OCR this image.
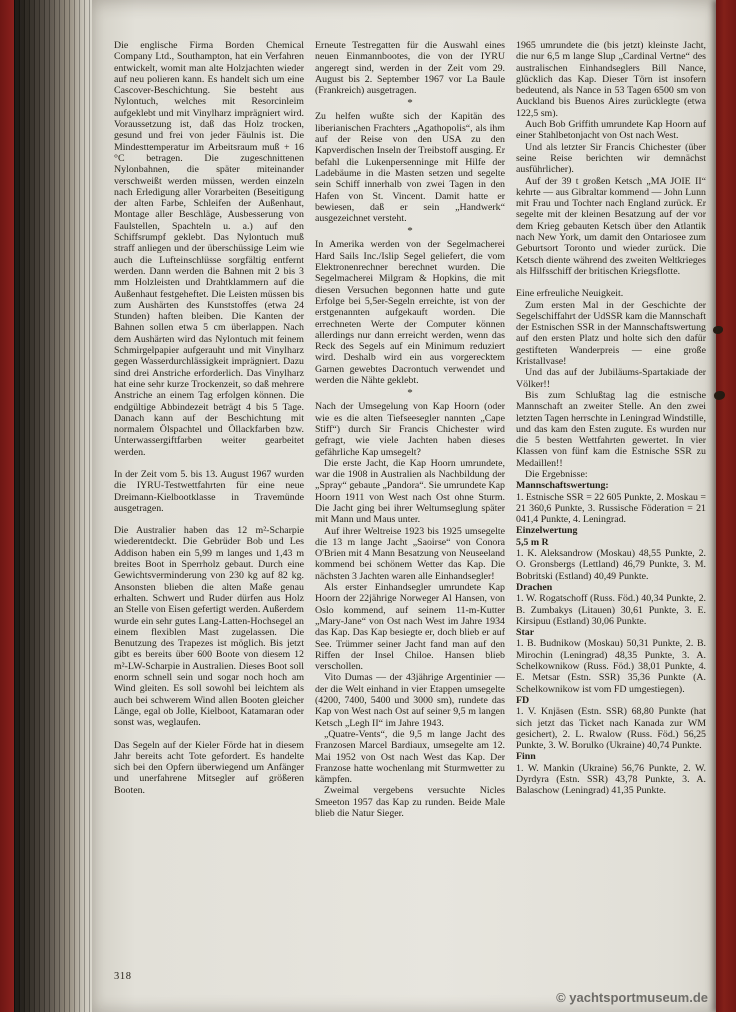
Die englische Firma Borden Chemical Company Ltd., Southampton, hat ein Verfahren entwickelt, womit man alte Holzjachten wieder auf neu polieren kann. Es handelt sich um eine Cascover-Beschichtung. Sie besteht aus Nylontuch, welches mit Resorcinleim aufgeklebt und mit Vinylharz imprägniert wird. Voraussetzung ist, daß das Holz trocken, gesund und frei von jeder Fäulnis ist. Die Mindesttemperatur im Arbeitsraum muß + 16 °C betragen. Die zugeschnittenen Nylonbahnen, die später miteinander verschweißt werden müssen, werden einzeln nach Erledigung aller Vorarbeiten (Beseitigung der alten Farbe, Schleifen der Außenhaut, Montage aller Beschläge, Ausbesserung von Faulstellen, Spachteln u. a.) auf den Schiffsrumpf geklebt. Das Nylontuch muß straff anliegen und der überschüssige Leim wie auch die Lufteinschlüsse sorgfältig entfernt werden. Dann werden die Bahnen mit 2 bis 3 mm Holzleisten und Drahtklammern auf die Außenhaut festgeheftet. Die Leisten müssen bis zum Aushärten des Kunststoffes (etwa 24 Stunden) haften bleiben. Die Kanten der Bahnen sollen etwa 5 cm überlappen. Nach dem Aushärten wird das Nylontuch mit feinem Schmirgelpapier aufgerauht und mit Vinylharz gegen Wasserdurchlässigkeit imprägniert. Dazu sind drei Anstriche erforderlich. Das Vinylharz hat eine sehr kurze Trockenzeit, so daß mehrere Anstriche an einem Tag erfolgen können. Die endgültige Abbindezeit beträgt 4 bis 5 Tage. Danach kann auf der Beschichtung mit normalem Ölspachtel und Öllackfarben bzw. Unterwassergiftfarben weiter gearbeitet werden.

In der Zeit vom 5. bis 13. August 1967 wurden die IYRU-Testwettfahrten für eine neue Dreimann-Kielbootklasse in Travemünde ausgetragen.

Die Australier haben das 12 m²-Scharpie wiederentdeckt. Die Gebrüder Bob und Les Addison haben ein 5,99 m langes und 1,43 m breites Boot in Sperrholz gebaut. Durch eine Gewichtsverminderung von 230 kg auf 82 kg. Ansonsten blieben die alten Maße genau erhalten. Schwert und Ruder dürfen aus Holz an Stelle von Eisen gefertigt werden. Außerdem wurde ein sehr gutes Lang-Latten-Hochsegel an einem flexiblen Mast zugelassen. Die Benutzung des Trapezes ist möglich. Bis jetzt gibt es bereits über 600 Boote von diesem 12 m²-LW-Scharpie in Australien. Dieses Boot soll enorm schnell sein und sogar noch hoch am Wind gleiten. Es soll sowohl bei leichtem als auch bei schwerem Wind allen Booten gleicher Länge, egal ob Jolle, Kielboot, Katamaran oder sonst was, weglaufen.

Das Segeln auf der Kieler Förde hat in diesem Jahr bereits acht Tote gefordert. Es handelte sich bei den Opfern überwiegend um Anfänger und unerfahrene Mitsegler auf größeren Booten.

Erneute Testregatten für die Auswahl eines neuen Einmannbootes, die von der IYRU angeregt sind, werden in der Zeit vom 29. August bis 2. September 1967 vor La Baule (Frankreich) ausgetragen.

*

Zu helfen wußte sich der Kapitän des liberianischen Frachters „Agathopolis“, als ihm auf der Reise von den USA zu den Kapverdischen Inseln der Treibstoff ausging. Er befahl die Lukenpersenninge mit Hilfe der Ladebäume in die Masten setzen und segelte sein Schiff innerhalb von zwei Tagen in den Hafen von St. Vincent. Damit hatte er bewiesen, daß er sein „Handwerk“ ausgezeichnet versteht.

*

In Amerika werden von der Segelmacherei Hard Sails Inc./Islip Segel geliefert, die vom Elektronenrechner berechnet wurden. Die Segelmacherei Milgram & Hopkins, die mit diesen Versuchen begonnen hatte und gute Erfolge bei 5,5er-Segeln erreichte, ist von der erstgenannten aufgekauft worden. Die errechneten Werte der Computer können allerdings nur dann erreicht werden, wenn das Reck des Segels auf ein Minimum reduziert wird. Deshalb wird ein aus vorgerecktem Garnen gewebtes Dacrontuch verwendet und werden die Nähte geklebt.

*

Nach der Umsegelung von Kap Hoorn (oder wie es die alten Tiefseesegler nannten „Cape Stiff“) durch Sir Francis Chichester wird gefragt, wie viele Jachten haben dieses gefährliche Kap umsegelt?

Die erste Jacht, die Kap Hoorn umrundete, war die 1908 in Australien als Nachbildung der „Spray“ gebaute „Pandora“. Sie umrundete Kap Hoorn 1911 von West nach Ost ohne Sturm. Die Jacht ging bei ihrer Weltumseglung später mit Mann und Maus unter.

Auf ihrer Weltreise 1923 bis 1925 umsegelte die 13 m lange Jacht „Saoirse“ von Conora O'Brien mit 4 Mann Besatzung von Neuseeland kommend bei schönem Wetter das Kap. Die nächsten 3 Jachten waren alle Einhandsegler!

Als erster Einhandsegler umrundete Kap Hoorn der 22jährige Norweger Al Hansen, von Oslo kommend, auf seinem 11-m-Kutter „Mary-Jane“ von Ost nach West im Jahre 1934 das Kap. Das Kap besiegte er, doch blieb er auf See. Trümmer seiner Jacht fand man auf den Riffen der Insel Chiloe. Hansen blieb verschollen.

Vito Dumas — der 43jährige Argentinier — der die Welt einhand in vier Etappen umsegelte (4200, 7400, 5400 und 3000 sm), rundete das Kap von West nach Ost auf seiner 9,5 m langen Ketsch „Legh II“ im Jahre 1943.

„Quatre-Vents“, die 9,5 m lange Jacht des Franzosen Marcel Bardiaux, umsegelte am 12. Mai 1952 von Ost nach West das Kap. Der Franzose hatte wochenlang mit Sturmwetter zu kämpfen.

Zweimal vergebens versuchte Nicles Smeeton 1957 das Kap zu runden. Beide Male blieb die Natur Sieger.

1965 umrundete die (bis jetzt) kleinste Jacht, die nur 6,5 m lange Slup „Cardinal Vertne“ des australischen Einhandseglers Bill Nance, glücklich das Kap. Dieser Törn ist insofern bedeutend, als Nance in 53 Tagen 6500 sm von Auckland bis Buenos Aires zurücklegte (etwa 122,5 sm).

Auch Bob Griffith umrundete Kap Hoorn auf einer Stahlbetonjacht von Ost nach West.

Und als letzter Sir Francis Chichester (über seine Reise berichten wir demnächst ausführlicher).

Auf der 39 t großen Ketsch „MA JOIE II“ kehrte — aus Gibraltar kommend — John Lunn mit Frau und Tochter nach England zurück. Er segelte mit der kleinen Besatzung auf der vor dem Krieg gebauten Ketsch über den Atlantik nach New York, um damit den Ontariosee zum Geburtsort Toronto und wieder zurück. Die Ketsch diente während des zweiten Weltkrieges als Hilfsschiff der britischen Kriegsflotte.

Eine erfreuliche Neuigkeit.

Zum ersten Mal in der Geschichte der Segelschiffahrt der UdSSR kam die Mannschaft der Estnischen SSR in der Mannschaftswertung auf den ersten Platz und holte sich den dafür gestifteten Wanderpreis — eine große Kristallvase!

Und das auf der Jubiläums-Spartakiade der Völker!!

Bis zum Schlußtag lag die estnische Mannschaft an zweiter Stelle. An den zwei letzten Tagen herrschte in Leningrad Windstille, und das kam den Esten zugute. Es wurden nur die 5 besten Wettfahrten gewertet. In vier Klassen von fünf kam die Estnische SSR zu Medaillen!!

Die Ergebnisse:

Mannschaftswertung:

1. Estnische SSR = 22 605 Punkte, 2. Moskau = 21 360,6 Punkte, 3. Russische Föderation = 21 041,4 Punkte, 4. Leningrad.

Einzelwertung

5,5 m R

1. K. Aleksandrow (Moskau) 48,55 Punkte, 2. O. Gronsbergs (Lettland) 46,79 Punkte, 3. M. Bobritski (Estland) 40,49 Punkte.

Drachen

1. W. Rogatschoff (Russ. Föd.) 40,34 Punkte, 2. B. Zumbakys (Litauen) 30,61 Punkte, 3. E. Kirsipuu (Estland) 30,06 Punkte.

Star

1. B. Budnikow (Moskau) 50,31 Punkte, 2. B. Mirochin (Leningrad) 48,35 Punkte, 3. A. Schelkownikow (Russ. Föd.) 38,01 Punkte, 4. E. Metsar (Estn. SSR) 35,36 Punkte (A. Schelkownikow ist vom FD umgestiegen).

FD

1. V. Knjäsen (Estn. SSR) 68,80 Punkte (hat sich jetzt das Ticket nach Kanada zur WM gesichert), 2. L. Rwalow (Russ. Föd.) 56,25 Punkte, 3. W. Borulko (Ukraine) 40,74 Punkte.

Finn

1. W. Mankin (Ukraine) 56,76 Punkte, 2. W. Dyrdyra (Estn. SSR) 43,78 Punkte, 3. A. Balaschow (Leningrad) 41,35 Punkte.

318
© yachtsportmuseum.de
